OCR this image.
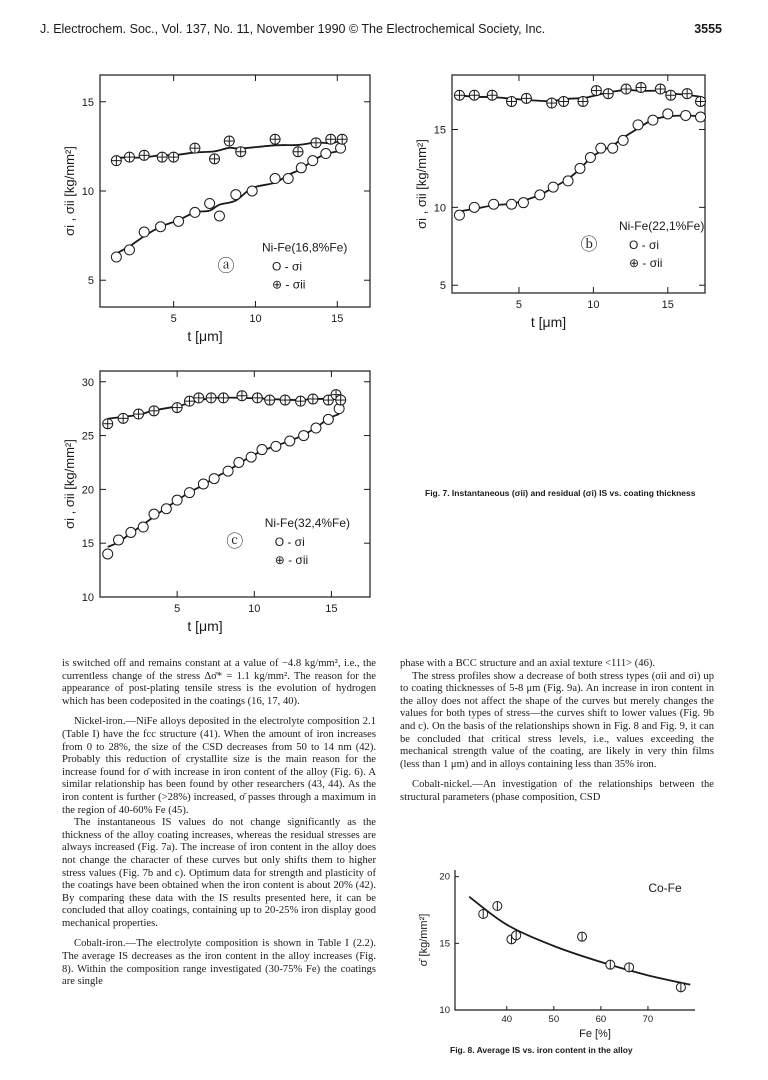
J. Electrochem. Soc., Vol. 137, No. 11, November 1990 © The Electrochemical Society, Inc.	3555
5	10	15
5
10
15
t [μm]
σi , σii [kg/mm²]
Ni-Fe(16,8%Fe)
ⓐ	O - σi
⊕ - σii
5	10	15
5
10
15
t [μm]
σi , σii [kg/mm²]	Ni-Fe(22,1%Fe)
ⓑ	O - σi
⊕ - σii
5	10	15
10
15
20
25
30
t [μm]
σi , σii [kg/mm²]	Ni-Fe(32,4%Fe)
ⓒ	O - σi
⊕ - σii
Fig. 7. Instantaneous (σii) and residual (σi) IS vs. coating thickness
40	50	60	70
10
15
20
Fe [%]
σ̄ [kg/mm²]
Co-Fe
Fig. 8. Average IS vs. iron content in the alloy

is switched off and remains constant at a value of −4.8 kg/mm², i.e., the currentless change of the stress Δσ̄* = 1.1 kg/mm². The reason for the appearance of post-plating tensile stress is the evolution of hydrogen which has been codeposited in the coatings (16, 17, 40).

Nickel-iron.—NiFe alloys deposited in the electrolyte composition 2.1 (Table I) have the fcc structure (41). When the amount of iron increases from 0 to 28%, the size of the CSD decreases from 50 to 14 nm (42). Probably this reduction of crystallite size is the main reason for the increase found for σ̄ with increase in iron content of the alloy (Fig. 6). A similar relationship has been found by other researchers (43, 44). As the iron content is further (>28%) increased, σ̄ passes through a maximum in the region of 40-60% Fe (45).

The instantaneous IS values do not change significantly as the thickness of the alloy coating increases, whereas the residual stresses are always increased (Fig. 7a). The increase of iron content in the alloy does not change the character of these curves but only shifts them to higher stress values (Fig. 7b and c). Optimum data for strength and plasticity of the coatings have been obtained when the iron content is about 20% (42). By comparing these data with the IS results presented here, it can be concluded that alloy coatings, containing up to 20-25% iron display good mechanical properties.

Cobalt-iron.—The electrolyte composition is shown in Table I (2.2). The average IS decreases as the iron content in the alloy increases (Fig. 8). Within the composition range investigated (30-75% Fe) the coatings are single

phase with a BCC structure and an axial texture <111> (46).

The stress profiles show a decrease of both stress types (σii and σi) up to coating thicknesses of 5-8 μm (Fig. 9a). An increase in iron content in the alloy does not affect the shape of the curves but merely changes the values for both types of stress—the curves shift to lower values (Fig. 9b and c). On the basis of the relationships shown in Fig. 8 and Fig. 9, it can be concluded that critical stress levels, i.e., values exceeding the mechanical strength value of the coating, are likely in very thin films (less than 1 μm) and in alloys containing less than 35% iron.

Cobalt-nickel.—An investigation of the relationships between the structural parameters (phase composition, CSD
